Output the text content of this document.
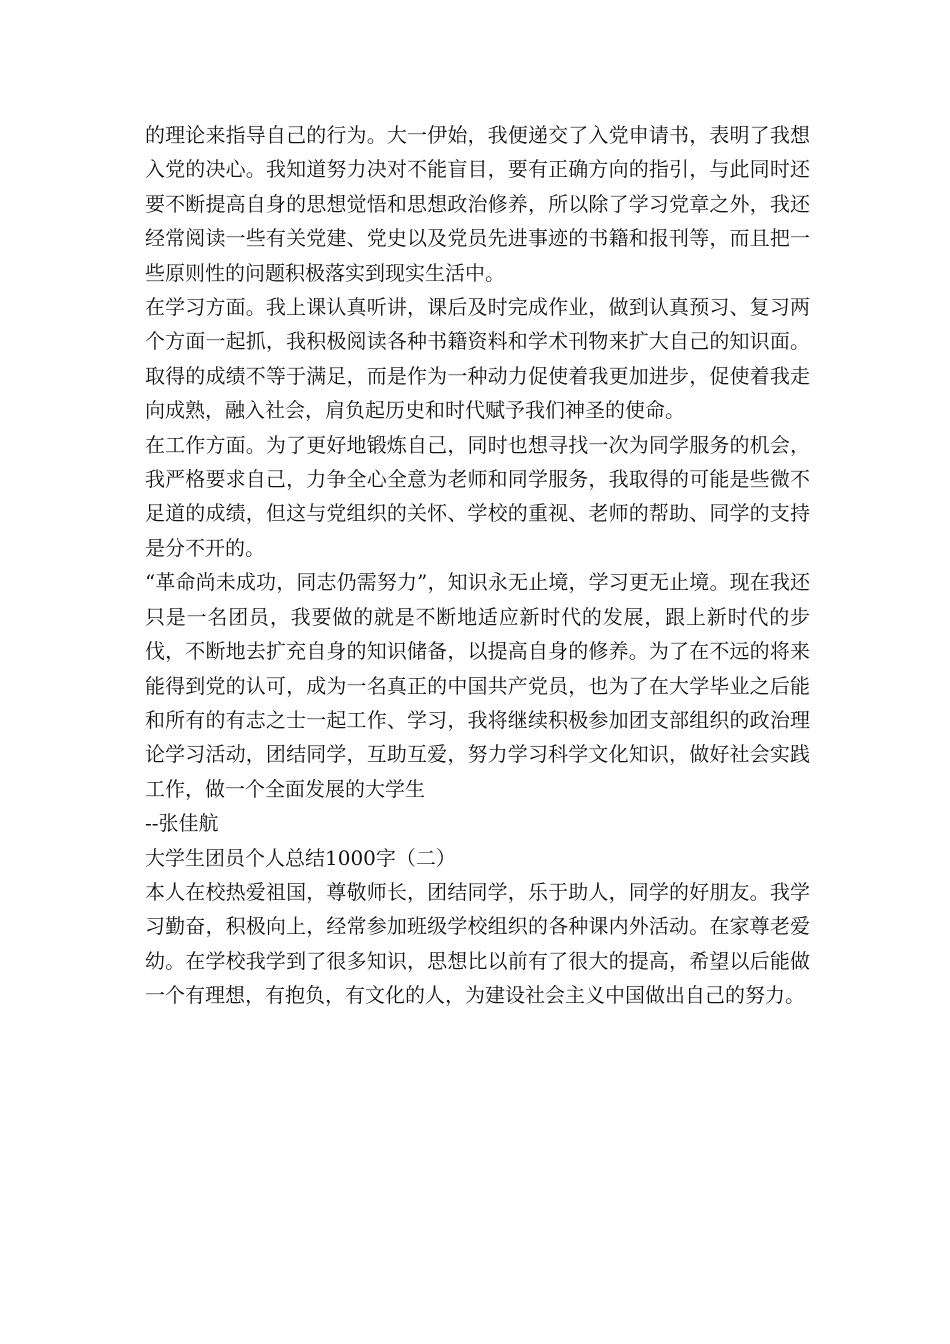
的理论来指导自己的行为。大一伊始，我便递交了入党申请书，表明了我想入党的决心。我知道努力决对不能盲目，要有正确方向的指引，与此同时还要不断提高自身的思想觉悟和思想政治修养，所以除了学习党章之外，我还经常阅读一些有关党建、党史以及党员先进事迹的书籍和报刊等，而且把一些原则性的问题积极落实到现实生活中。

在学习方面。我上课认真听讲，课后及时完成作业，做到认真预习、复习两个方面一起抓，我积极阅读各种书籍资料和学术刊物来扩大自己的知识面。取得的成绩不等于满足，而是作为一种动力促使着我更加进步，促使着我走向成熟，融入社会，肩负起历史和时代赋予我们神圣的使命。

在工作方面。为了更好地锻炼自己，同时也想寻找一次为同学服务的机会，我严格要求自己，力争全心全意为老师和同学服务，我取得的可能是些微不足道的成绩，但这与党组织的关怀、学校的重视、老师的帮助、同学的支持是分不开的。

“革命尚未成功，同志仍需努力”，知识永无止境，学习更无止境。现在我还只是一名团员，我要做的就是不断地适应新时代的发展，跟上新时代的步伐，不断地去扩充自身的知识储备，以提高自身的修养。为了在不远的将来能得到党的认可，成为一名真正的中国共产党员，也为了在大学毕业之后能和所有的有志之士一起工作、学习，我将继续积极参加团支部组织的政治理论学习活动，团结同学，互助互爱，努力学习科学文化知识，做好社会实践工作，做一个全面发展的大学生

--张佳航

大学生团员个人总结1000字（二）

本人在校热爱祖国，尊敬师长，团结同学，乐于助人，同学的好朋友。我学习勤奋，积极向上，经常参加班级学校组织的各种课内外活动。在家尊老爱幼。在学校我学到了很多知识，思想比以前有了很大的提高，希望以后能做一个有理想，有抱负，有文化的人，为建设社会主义中国做出自己的努力。
